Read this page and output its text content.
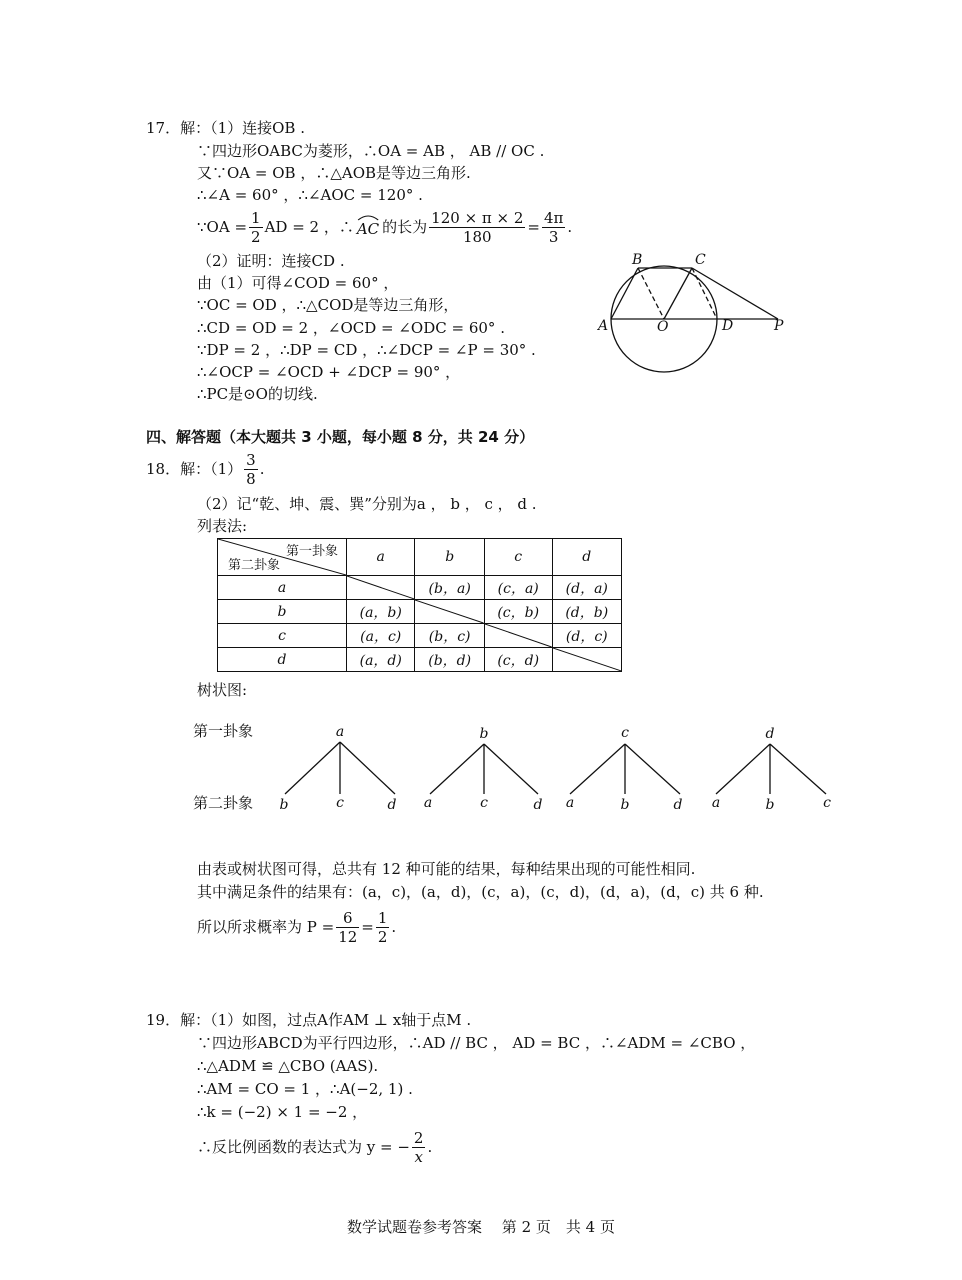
17．解：（1）连接OB .
∵四边形OABC为菱形，∴OA = AB ， AB // OC .
又∵OA = OB ，∴△AOB是等边三角形.
∴∠A = 60° ，∴∠AOC = 120° .
∵OA = $\frac{1}{2}$ AD = 2 ，∴ AC 的长为 $\frac{120 \times \pi \times 2}{180} = \frac{4\pi}{3}$ .
（2）证明：连接CD .
由（1）可得∠COD = 60° ，
∵OC = OD ，∴△COD是等边三角形，
∴CD = OD = 2 ，∠OCD = ∠ODC = 60° .
∵DP = 2 ，∴DP = CD ，∴∠DCP = ∠P = 30° .
∴∠OCP = ∠OCD + ∠DCP = 90° ，
∴PC是⊙O的切线.
B	C
A	O	D	P
四、解答题（本大题共 3 小题，每小题 8 分，共 24 分）
18．解：$(1) \frac{3}{8}$ .
（2）记“乾、坤、震、巽”分别为a ， b ， c ， d .
列表法:
第一卦象
第二卦象	a	b	c	d
a		(b，a)	(c，a)	(d，a)
b	(a，b)		(c，b)	(d，b)
c	(a，c)	(b，c)		(d，c)
d	(a，d)	(b，d)	(c，d)	
树状图:
第一卦象
第二卦象
a
b	c	d
b
a	c	d
c
a	b	d
d
a	b	c
由表或树状图可得，总共有 12 种可能的结果，每种结果出现的可能性相同.
其中满足条件的结果有：(a，c)，(a，d)，(c，a)，(c，d)，(d，a)，(d，c) 共 6 种.
所以所求概率为 $P = \frac{6}{12} = \frac{1}{2}$ .
19．解：（1）如图，过点A作AM ⊥ x轴于点M .
∵四边形ABCD为平行四边形，∴AD // BC ， AD = BC ，∴∠ADM = ∠CBO ，
∴△ADM ≌ △CBO (AAS).
∴AM = CO = 1 ，∴A(−2, 1) .
∴k = (−2) × 1 = −2 ，
∴反比例函数的表达式为 y = − $\frac{2}{x}$ .
数学试题卷参考答案　 第 2 页　共 4 页
